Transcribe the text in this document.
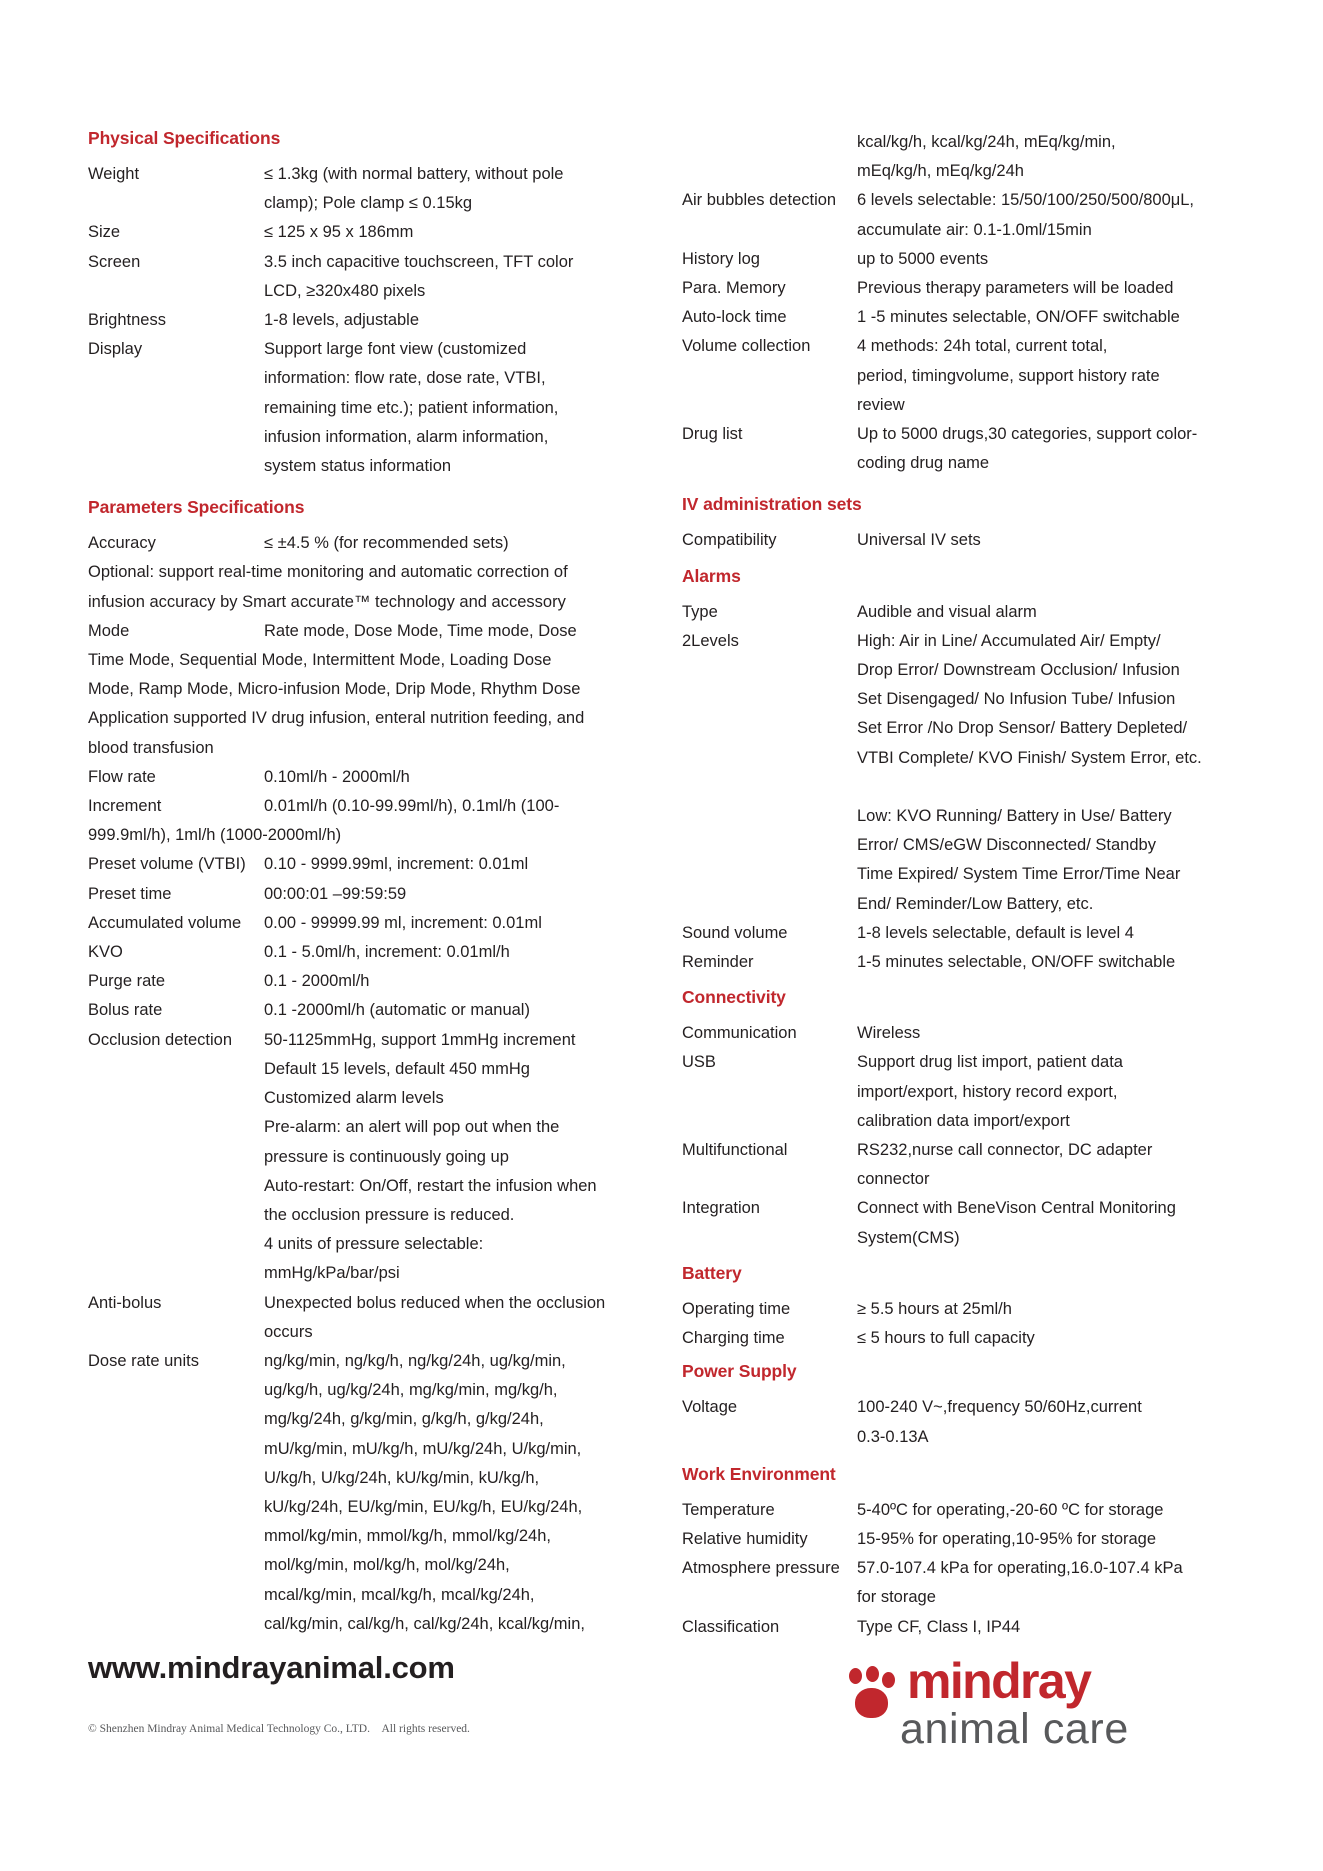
Physical Specifications
Weight	≤ 1.3kg (with normal battery, without pole
clamp); Pole clamp ≤ 0.15kg
Size	≤ 125 x 95 x 186mm
Screen	3.5 inch capacitive touchscreen, TFT color
LCD, ≥320x480 pixels
Brightness	1-8 levels, adjustable
Display	Support large font view (customized
information: flow rate, dose rate, VTBI,
remaining time etc.); patient information,
infusion information, alarm information,
system status information
Parameters Specifications
Accuracy	≤ ±4.5 % (for recommended sets)
Optional: support real-time monitoring and automatic correction of
infusion accuracy by Smart accurate™ technology and accessory
Mode	Rate mode, Dose Mode, Time mode, Dose
Time Mode, Sequential Mode, Intermittent Mode, Loading Dose
Mode, Ramp Mode, Micro-infusion Mode, Drip Mode, Rhythm Dose
Application supported IV drug infusion, enteral nutrition feeding, and
blood transfusion
Flow rate	0.10ml/h - 2000ml/h
Increment	0.01ml/h (0.10-99.99ml/h), 0.1ml/h (100-
999.9ml/h), 1ml/h (1000-2000ml/h)
Preset volume (VTBI)	0.10 - 9999.99ml, increment: 0.01ml
Preset time	00:00:01 –99:59:59
Accumulated volume	0.00 - 99999.99 ml, increment: 0.01ml
KVO	0.1 - 5.0ml/h, increment: 0.01ml/h
Purge rate	0.1 - 2000ml/h
Bolus rate	0.1 -2000ml/h (automatic or manual)
Occlusion detection	50-1125mmHg, support 1mmHg increment
Default 15 levels, default 450 mmHg
Customized alarm levels
Pre-alarm: an alert will pop out when the
pressure is continuously going up
Auto-restart: On/Off, restart the infusion when
the occlusion pressure is reduced.
4 units of pressure selectable:
mmHg/kPa/bar/psi
Anti-bolus	Unexpected bolus reduced when the occlusion
occurs
Dose rate units	ng/kg/min, ng/kg/h, ng/kg/24h, ug/kg/min,
ug/kg/h, ug/kg/24h, mg/kg/min, mg/kg/h,
mg/kg/24h, g/kg/min, g/kg/h, g/kg/24h,
mU/kg/min, mU/kg/h, mU/kg/24h, U/kg/min,
U/kg/h, U/kg/24h, kU/kg/min, kU/kg/h,
kU/kg/24h, EU/kg/min, EU/kg/h, EU/kg/24h,
mmol/kg/min, mmol/kg/h, mmol/kg/24h,
mol/kg/min, mol/kg/h, mol/kg/24h,
mcal/kg/min, mcal/kg/h, mcal/kg/24h,
cal/kg/min, cal/kg/h, cal/kg/24h, kcal/kg/min,
kcal/kg/h, kcal/kg/24h, mEq/kg/min,
mEq/kg/h, mEq/kg/24h
Air bubbles detection	6 levels selectable: 15/50/100/250/500/800μL,
accumulate air: 0.1-1.0ml/15min
History log	up to 5000 events
Para. Memory	Previous therapy parameters will be loaded
Auto-lock time	1 -5 minutes selectable, ON/OFF switchable
Volume collection	4 methods: 24h total, current total,
period, timingvolume, support history rate
review
Drug list	Up to 5000 drugs,30 categories, support color-
coding drug name
IV administration sets
Compatibility	Universal IV sets
Alarms
Type	Audible and visual alarm
2Levels	High: Air in Line/ Accumulated Air/ Empty/
Drop Error/ Downstream Occlusion/ Infusion
Set Disengaged/ No Infusion Tube/ Infusion
Set Error /No Drop Sensor/ Battery Depleted/
VTBI Complete/ KVO Finish/ System Error, etc.
Low: KVO Running/ Battery in Use/ Battery
Error/ CMS/eGW Disconnected/ Standby
Time Expired/ System Time Error/Time Near
End/ Reminder/Low Battery, etc.
Sound volume	1-8 levels selectable, default is level 4
Reminder	1-5 minutes selectable, ON/OFF switchable
Connectivity
Communication	Wireless
USB	Support drug list import, patient data
import/export, history record export,
calibration data import/export
Multifunctional	RS232,nurse call connector, DC adapter
connector
Integration	Connect with BeneVison Central Monitoring
System(CMS)
Battery
Operating time	≥ 5.5 hours at 25ml/h
Charging time	≤ 5 hours to full capacity
Power Supply
Voltage	100-240 V~,frequency 50/60Hz,current
0.3-0.13A
Work Environment
Temperature	5-40ºC for operating,-20-60 ºC for storage
Relative humidity	15-95% for operating,10-95% for storage
Atmosphere pressure	57.0-107.4 kPa for operating,16.0-107.4 kPa
for storage
Classification	Type CF, Class I, IP44
www.mindrayanimal.com
© Shenzhen Mindray Animal Medical Technology Co., LTD. All rights reserved.
mindray
animal care
